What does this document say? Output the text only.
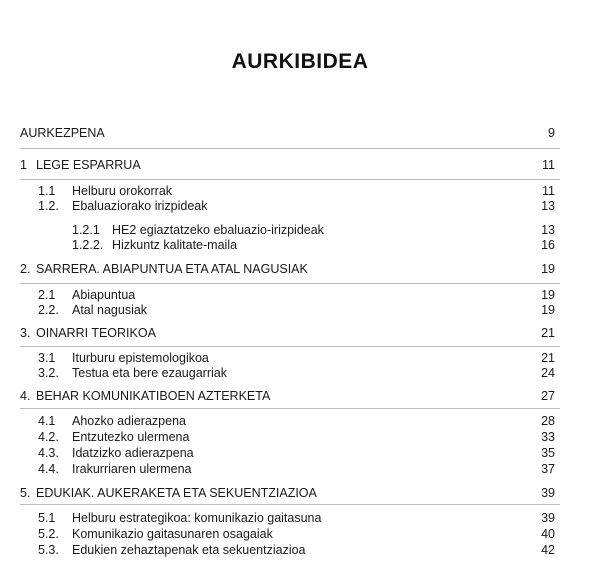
AURKIBIDEA
AURKEZPENA	9
1 LEGE ESPARRUA	11
1.1 Helburu orokorrak	11
1.2. Ebaluaziorako irizpideak	13
1.2.1 HE2 egiaztatzeko ebaluazio-irizpideak	13
1.2.2. Hizkuntz kalitate-maila	16
2. SARRERA. ABIAPUNTUA ETA ATAL NAGUSIAK	19
2.1 Abiapuntua	19
2.2. Atal nagusiak	19
3. OINARRI TEORIKOA	21
3.1 Iturburu epistemologikoa	21
3.2. Testua eta bere ezaugarriak	24
4. BEHAR KOMUNIKATIBOEN AZTERKETA	27
4.1 Ahozko adierazpena	28
4.2. Entzutezko ulermena	33
4.3. Idatzizko adierazpena	35
4.4. Irakurriaren ulermena	37
5. EDUKIAK. AUKERAKETA ETA SEKUENTZIAZIOA	39
5.1 Helburu estrategikoa: komunikazio gaitasuna	39
5.2. Komunikazio gaitasunaren osagaiak	40
5.3. Edukien zehaztapenak eta sekuentziazioa	42
